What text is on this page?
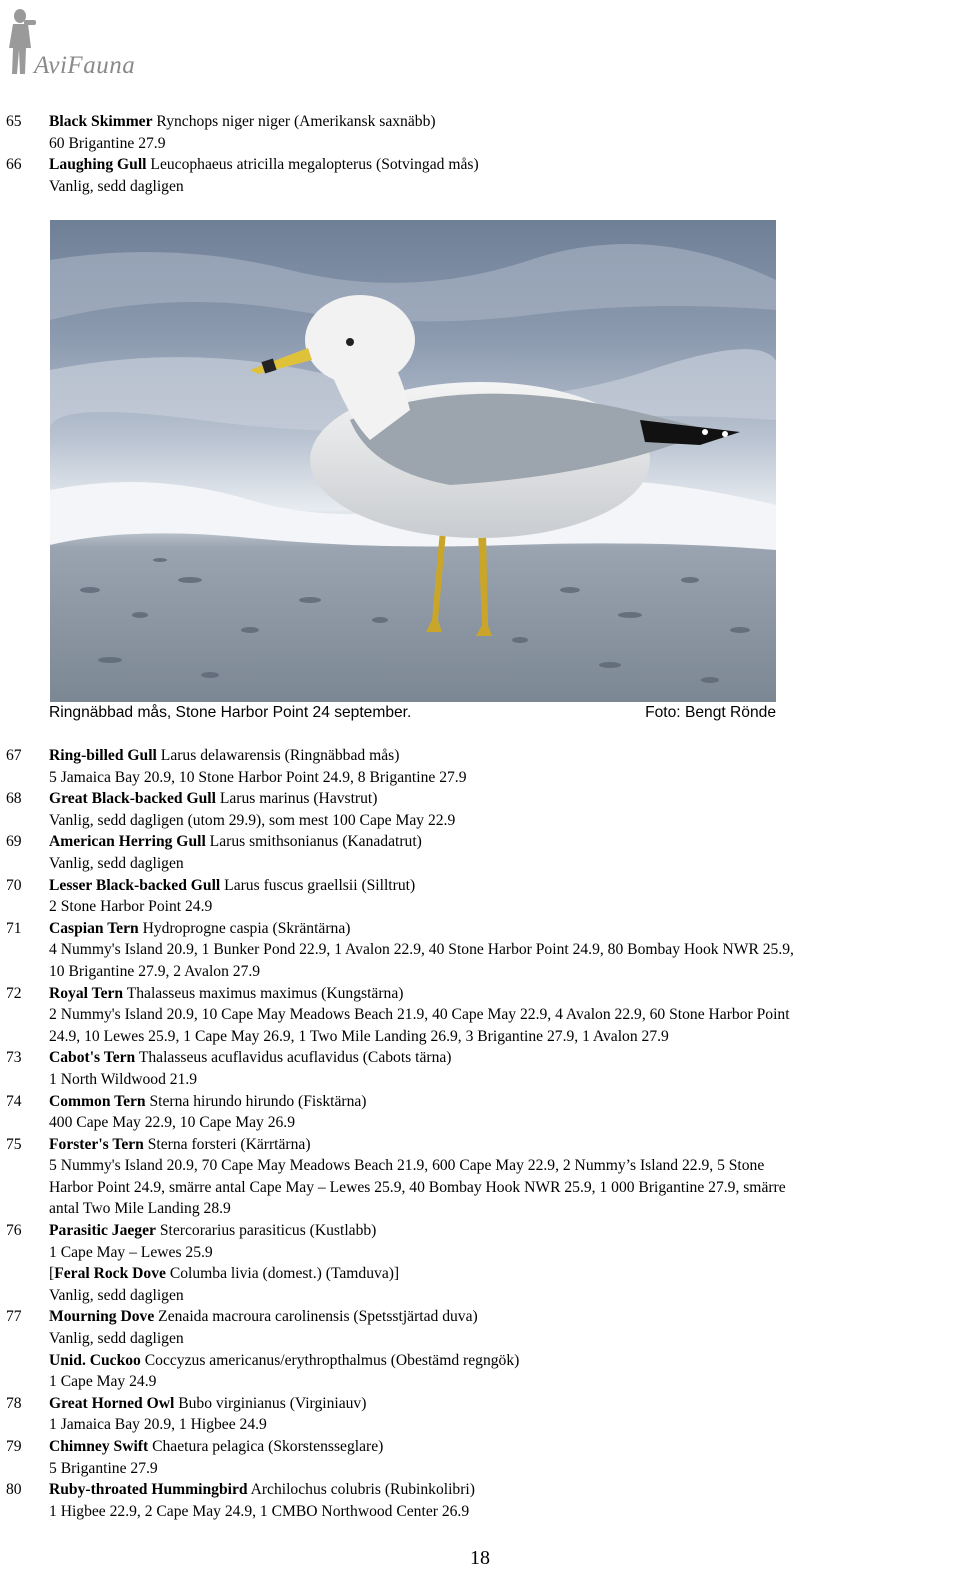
AviFauna
65 Black Skimmer Rynchops niger niger (Amerikansk saxnäbb)
60 Brigantine 27.9
66 Laughing Gull Leucophaeus atricilla megalopterus (Sotvingad mås)
Vanlig, sedd dagligen
Ringnäbbad mås, Stone Harbor Point 24 september.	Foto: Bengt Rönde
67 Ring-billed Gull Larus delawarensis (Ringnäbbad mås)
5 Jamaica Bay 20.9, 10 Stone Harbor Point 24.9, 8 Brigantine 27.9
68 Great Black-backed Gull Larus marinus (Havstrut)
Vanlig, sedd dagligen (utom 29.9), som mest 100 Cape May 22.9
69 American Herring Gull Larus smithsonianus (Kanadatrut)
Vanlig, sedd dagligen
70 Lesser Black-backed Gull Larus fuscus graellsii (Silltrut)
2 Stone Harbor Point 24.9
71 Caspian Tern Hydroprogne caspia (Skräntärna)
4 Nummy's Island 20.9, 1 Bunker Pond 22.9, 1 Avalon 22.9, 40 Stone Harbor Point 24.9, 80 Bombay Hook NWR 25.9,
10 Brigantine 27.9, 2 Avalon 27.9
72 Royal Tern Thalasseus maximus maximus (Kungstärna)
2 Nummy's Island 20.9, 10 Cape May Meadows Beach 21.9, 40 Cape May 22.9, 4 Avalon 22.9, 60 Stone Harbor Point
24.9, 10 Lewes 25.9, 1 Cape May 26.9, 1 Two Mile Landing 26.9, 3 Brigantine 27.9, 1 Avalon 27.9
73 Cabot's Tern Thalasseus acuflavidus acuflavidus (Cabots tärna)
1 North Wildwood 21.9
74 Common Tern Sterna hirundo hirundo (Fisktärna)
400 Cape May 22.9, 10 Cape May 26.9
75 Forster's Tern Sterna forsteri (Kärrtärna)
5 Nummy's Island 20.9, 70 Cape May Meadows Beach 21.9, 600 Cape May 22.9, 2 Nummy’s Island 22.9, 5 Stone
Harbor Point 24.9, smärre antal Cape May – Lewes 25.9, 40 Bombay Hook NWR 25.9, 1 000 Brigantine 27.9, smärre
antal Two Mile Landing 28.9
76 Parasitic Jaeger Stercorarius parasiticus (Kustlabb)
1 Cape May – Lewes 25.9
[Feral Rock Dove Columba livia (domest.) (Tamduva)]
Vanlig, sedd dagligen
77 Mourning Dove Zenaida macroura carolinensis (Spetsstjärtad duva)
Vanlig, sedd dagligen
Unid. Cuckoo Coccyzus americanus/erythropthalmus (Obestämd regngök)
1 Cape May 24.9
78 Great Horned Owl Bubo virginianus (Virginiauv)
1 Jamaica Bay 20.9, 1 Higbee 24.9
79 Chimney Swift Chaetura pelagica (Skorstensseglare)
5 Brigantine 27.9
80 Ruby-throated Hummingbird Archilochus colubris (Rubinkolibri)
1 Higbee 22.9, 2 Cape May 24.9, 1 CMBO Northwood Center 26.9
18
